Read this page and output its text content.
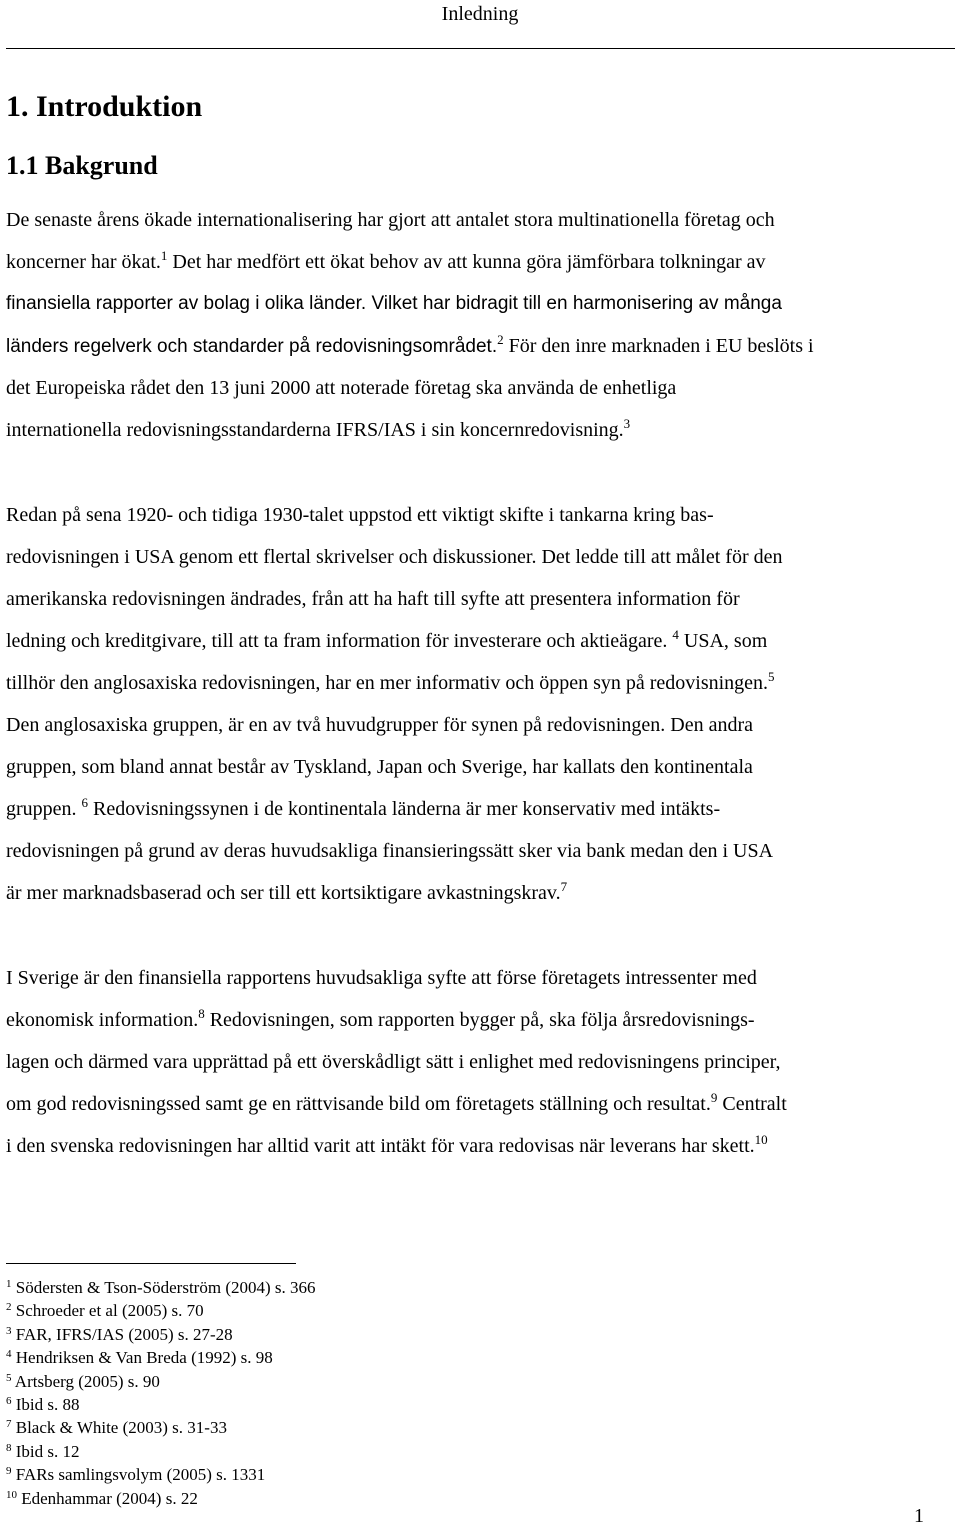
Inledning
1. Introduktion
1.1 Bakgrund
De senaste årens ökade internationalisering har gjort att antalet stora multinationella företag och
koncerner har ökat.$^1$ Det har medfört ett ökat behov av att kunna göra jämförbara tolkningar av
finansiella rapporter av bolag i olika länder. Vilket har bidragit till en harmonisering av många
länders regelverk och standarder på redovisningsområdet.$^2$ För den inre marknaden i EU beslöts i
det Europeiska rådet den 13 juni 2000 att noterade företag ska använda de enhetliga
internationella redovisningsstandarderna IFRS/IAS i sin koncernredovisning.$^3$
Redan på sena 1920- och tidiga 1930-talet uppstod ett viktigt skifte i tankarna kring bas-
redovisningen i USA genom ett flertal skrivelser och diskussioner. Det ledde till att målet för den
amerikanska redovisningen ändrades, från att ha haft till syfte att presentera information för
ledning och kreditgivare, till att ta fram information för investerare och aktieägare. $^4$ USA, som
tillhör den anglosaxiska redovisningen, har en mer informativ och öppen syn på redovisningen.$^5$
Den anglosaxiska gruppen, är en av två huvudgrupper för synen på redovisningen. Den andra
gruppen, som bland annat består av Tyskland, Japan och Sverige, har kallats den kontinentala
gruppen. $^6$ Redovisningssynen i de kontinentala länderna är mer konservativ med intäkts-
redovisningen på grund av deras huvudsakliga finansieringssätt sker via bank medan den i USA
är mer marknadsbaserad och ser till ett kortsiktigare avkastningskrav.$^7$
I Sverige är den finansiella rapportens huvudsakliga syfte att förse företagets intressenter med
ekonomisk information.$^8$ Redovisningen, som rapporten bygger på, ska följa årsredovisnings-
lagen och därmed vara upprättad på ett överskådligt sätt i enlighet med redovisningens principer,
om god redovisningssed samt ge en rättvisande bild om företagets ställning och resultat.$^9$ Centralt
i den svenska redovisningen har alltid varit att intäkt för vara redovisas när leverans har skett.$^{10}$
$^1$ Södersten & Tson-Söderström (2004) s. 366
$^2$ Schroeder et al (2005) s. 70
$^3$ FAR, IFRS/IAS (2005) s. 27-28
$^4$ Hendriksen & Van Breda (1992) s. 98
$^5$ Artsberg (2005) s. 90
$^6$ Ibid s. 88
$^7$ Black & White (2003) s. 31-33
$^8$ Ibid s. 12
$^9$ FARs samlingsvolym (2005) s. 1331
$^{10}$ Edenhammar (2004) s. 22
1
